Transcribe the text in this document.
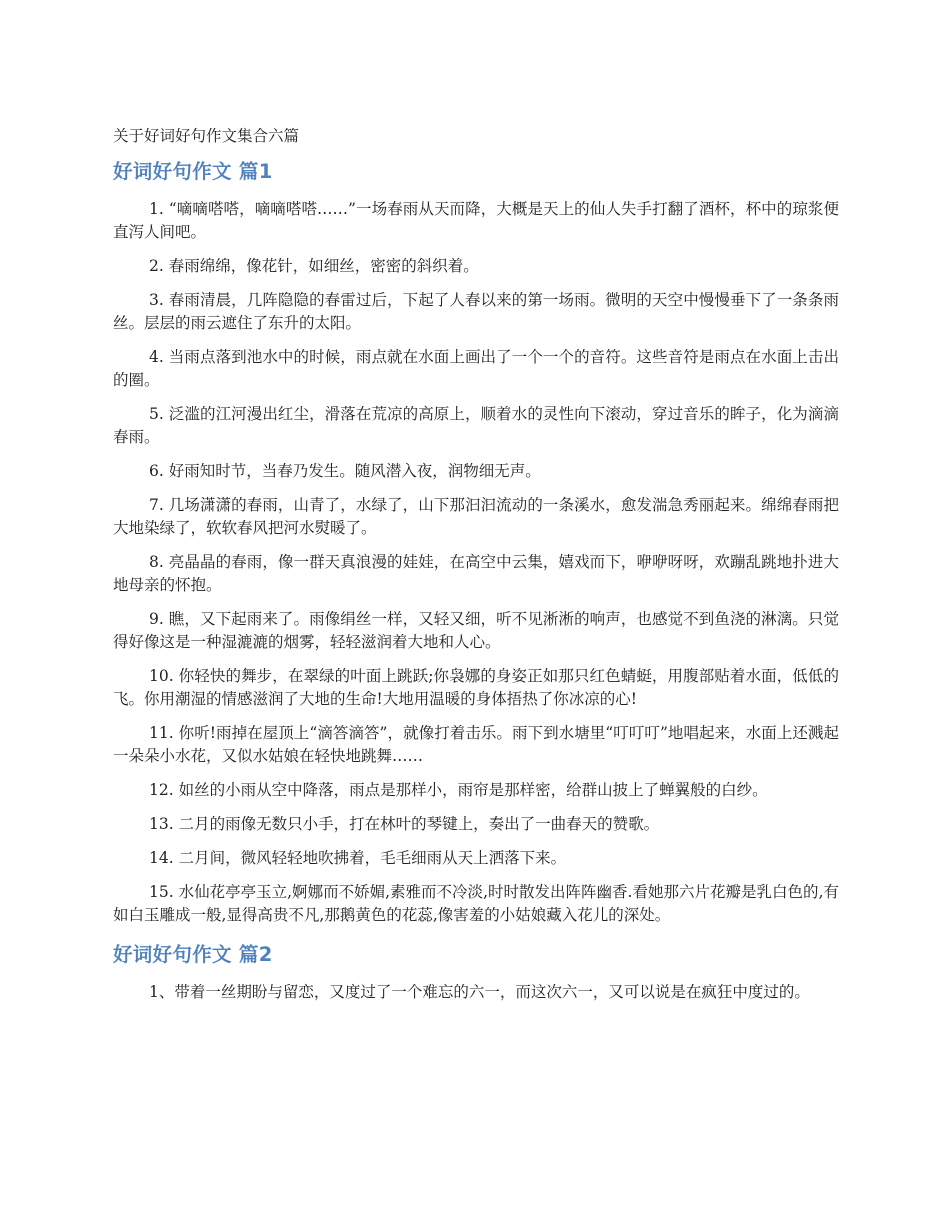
关于好词好句作文集合六篇
好词好句作文 篇1

1. “嘀嘀嗒嗒，嘀嘀嗒嗒……”一场春雨从天而降，大概是天上的仙人失手打翻了酒杯，杯中的琼浆便直泻人间吧。

2. 春雨绵绵，像花针，如细丝，密密的斜织着。

3. 春雨清晨，几阵隐隐的春雷过后，下起了人春以来的第一场雨。微明的天空中慢慢垂下了一条条雨丝。层层的雨云遮住了东升的太阳。

4. 当雨点落到池水中的时候，雨点就在水面上画出了一个一个的音符。这些音符是雨点在水面上击出的圈。

5. 泛滥的江河漫出红尘，滑落在荒凉的高原上，顺着水的灵性向下滚动，穿过音乐的眸子，化为滴滴春雨。

6. 好雨知时节，当春乃发生。随风潜入夜，润物细无声。

7. 几场潇潇的春雨，山青了，水绿了，山下那汩汩流动的一条溪水，愈发湍急秀丽起来。绵绵春雨把大地染绿了，软软春风把河水熨暖了。

8. 亮晶晶的春雨，像一群天真浪漫的娃娃，在高空中云集，嬉戏而下，咿咿呀呀，欢蹦乱跳地扑进大地母亲的怀抱。

9. 瞧，又下起雨来了。雨像绢丝一样，又轻又细，听不见淅淅的响声，也感觉不到鱼浇的淋漓。只觉得好像这是一种湿漉漉的烟雾，轻轻滋润着大地和人心。

10. 你轻快的舞步，在翠绿的叶面上跳跃;你袅娜的身姿正如那只红色蜻蜓，用腹部贴着水面，低低的飞。你用潮湿的情感滋润了大地的生命!大地用温暖的身体捂热了你冰凉的心!

11. 你听!雨掉在屋顶上“滴答滴答”，就像打着击乐。雨下到水塘里“叮叮叮”地唱起来，水面上还溅起一朵朵小水花，又似水姑娘在轻快地跳舞……

12. 如丝的小雨从空中降落，雨点是那样小，雨帘是那样密，给群山披上了蝉翼般的白纱。

13. 二月的雨像无数只小手，打在林叶的琴键上，奏出了一曲春天的赞歌。

14. 二月间，微风轻轻地吹拂着，毛毛细雨从天上洒落下来。

15. 水仙花亭亭玉立,婀娜而不娇媚,素雅而不冷淡,时时散发出阵阵幽香.看她那六片花瓣是乳白色的,有如白玉雕成一般,显得高贵不凡,那鹅黄色的花蕊,像害羞的小姑娘藏入花儿的深处。

好词好句作文 篇2

1、带着一丝期盼与留恋，又度过了一个难忘的六一，而这次六一，又可以说是在疯狂中度过的。
